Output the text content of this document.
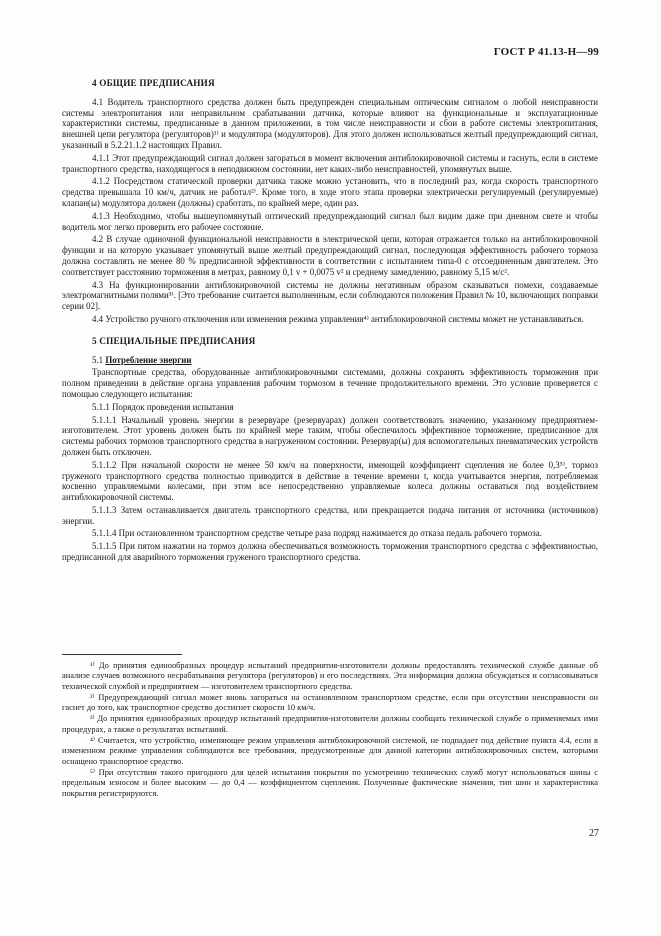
ГОСТ Р 41.13-Н—99
4 ОБЩИЕ ПРЕДПИСАНИЯ

4.1 Водитель транспортного средства должен быть предупрежден специальным оптическим сигналом о любой неисправности системы электропитания или неправильном срабатывании датчика, которые влияют на функциональные и эксплуатационные характеристики системы, предписанные в данном приложении, в том числе неисправности и сбои в работе системы электропитания, внешней цепи регулятора (регуляторов)¹⁾ и модулятора (модуляторов). Для этого должен использоваться желтый предупреждающий сигнал, указанный в 5.2.21.1.2 настоящих Правил.

4.1.1 Этот предупреждающий сигнал должен загораться в момент включения антиблокировочной системы и гаснуть, если в системе транспортного средства, находящегося в неподвижном состоянии, нет каких-либо неисправностей, упомянутых выше.

4.1.2 Посредством статической проверки датчика также можно установить, что в последний раз, когда скорость транспортного средства превышала 10 км/ч, датчик не работал²⁾. Кроме того, в ходе этого этапа проверки электрически регулируемый (регулируемые) клапан(ы) модулятора должен (должны) сработать, по крайней мере, один раз.

4.1.3 Необходимо, чтобы вышеупомянутый оптический предупреждающий сигнал был видим даже при дневном свете и чтобы водитель мог легко проверить его рабочее состояние.

4.2 В случае одиночной функциональной неисправности в электрической цепи, которая отражается только на антиблокировочной функции и на которую указывает упомянутый выше желтый предупреждающий сигнал, последующая эффективность рабочего тормоза должна составлять не менее 80 % предписанной эффективности в соответствии с испытанием типа-0 с отсоединенным двигателем. Это соответствует расстоянию торможения в метрах, равному 0,1 v + 0,0075 v² и среднему замедлению, равному 5,15 м/с².

4.3 На функционировании антиблокировочной системы не должны негативным образом сказываться помехи, создаваемые электромагнитными полями³⁾. [Это требование считается выполненным, если соблюдаются положения Правил № 10, включающих поправки серии 02].

4.4 Устройство ручного отключения или изменения режима управления⁴⁾ антиблокировочной системы может не устанавливаться.

5 СПЕЦИАЛЬНЫЕ ПРЕДПИСАНИЯ

5.1 Потребление энергии

Транспортные средства, оборудованные антиблокировочными системами, должны сохранять эффективность торможения при полном приведении в действие органа управления рабочим тормозом в течение продолжительного времени. Это условие проверяется с помощью следующего испытания:

5.1.1 Порядок проведения испытания

5.1.1.1 Начальный уровень энергии в резервуаре (резервуарах) должен соответствовать значению, указанному предприятием-изготовителем. Этот уровень должен быть по крайней мере таким, чтобы обеспечилось эффективное торможение, предписанное для системы рабочих тормозов транспортного средства в нагруженном состоянии. Резервуар(ы) для вспомогательных пневматических устройств должен быть отключен.

5.1.1.2 При начальной скорости не менее 50 км/ч на поверхности, имеющей коэффициент сцепления не более 0,3⁵⁾, тормоз груженого транспортного средства полностью приводится в действие в течение времени t, когда учитывается энергия, потребляемая косвенно управляемыми колесами, при этом все непосредственно управляемые колеса должны оставаться под воздействием антиблокировочной системы.

5.1.1.3 Затем останавливается двигатель транспортного средства, или прекращается подача питания от источника (источников) энергии.

5.1.1.4 При остановленном транспортном средстве четыре раза подряд нажимается до отказа педаль рабочего тормоза.

5.1.1.5 При пятом нажатии на тормоз должна обеспечиваться возможность торможения транспортного средства с эффективностью, предписанной для аварийного торможения груженого транспортного средства.

¹⁾ До принятия единообразных процедур испытаний предприятия-изготовители должны предоставлять технической службе данные об анализе случаев возможного несрабатывания регулятора (регуляторов) и его последствиях. Эта информация должна обсуждаться и согласовываться технической службой и предприятием — изготовителем транспортного средства.

²⁾ Предупреждающий сигнал может вновь загораться на остановленном транспортном средстве, если при отсутствии неисправности он гаснет до того, как транспортное средство достигнет скорости 10 км/ч.

³⁾ До принятия единообразных процедур испытаний предприятия-изготовители должны сообщать технической службе о применяемых ими процедурах, а также о результатах испытаний.

⁴⁾ Считается, что устройство, изменяющее режим управления антиблокировочной системой, не подпадает под действие пункта 4.4, если в измененном режиме управления соблюдаются все требования, предусмотренные для данной категории антиблокировочных систем, которыми оснащено транспортное средство.

⁵⁾ При отсутствии такого пригодного для целей испытания покрытия по усмотрению технических служб могут использоваться шины с предельным износом и более высоким — до 0,4 — коэффициентом сцепления. Полученные фактические значения, тип шин и характеристика покрытия регистрируются.

27
